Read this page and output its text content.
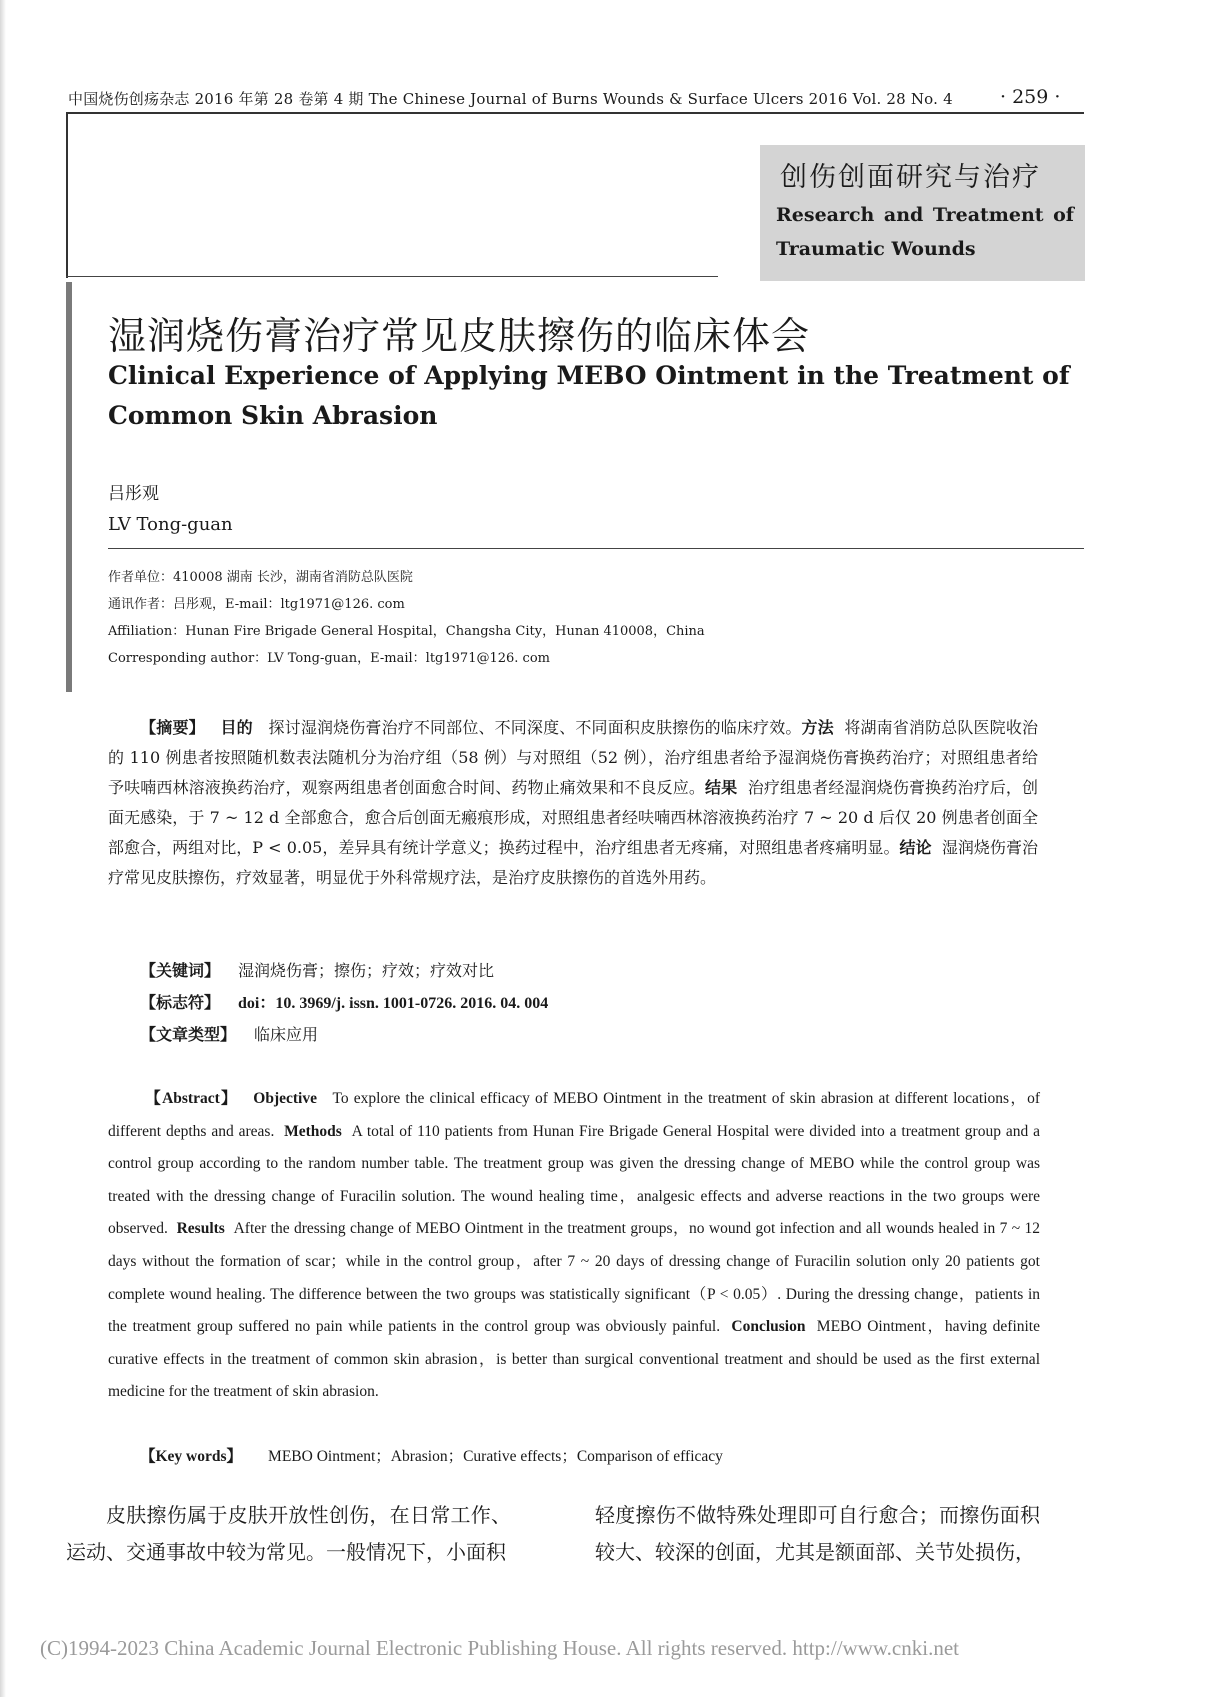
中国烧伤创疡杂志 2016 年第 28 卷第 4 期 The Chinese Journal of Burns Wounds & Surface Ulcers 2016 Vol. 28 No. 4 · 259 ·
创伤创面研究与治疗
Research and Treatment of
Traumatic Wounds
湿润烧伤膏治疗常见皮肤擦伤的临床体会
Clinical Experience of Applying MEBO Ointment in the Treatment of
Common Skin Abrasion
吕彤观
LV Tong-guan
作者单位：410008 湖南 长沙，湖南省消防总队医院
通讯作者：吕彤观，E-mail：ltg1971@126. com
Affiliation：Hunan Fire Brigade General Hospital，Changsha City，Hunan 410008，China
Corresponding author：LV Tong-guan，E-mail：ltg1971@126. com
【摘要】 目的 探讨湿润烧伤膏治疗不同部位、不同深度、不同面积皮肤擦伤的临床疗效。方法 将湖南省消防总队医院收治的 110 例患者按照随机数表法随机分为治疗组（58 例）与对照组（52 例），治疗组患者给予湿润烧伤膏换药治疗；对照组患者给予呋喃西林溶液换药治疗，观察两组患者创面愈合时间、药物止痛效果和不良反应。结果 治疗组患者经湿润烧伤膏换药治疗后，创面无感染，于 7 ~ 12 d 全部愈合，愈合后创面无瘢痕形成，对照组患者经呋喃西林溶液换药治疗 7 ~ 20 d 后仅 20 例患者创面全部愈合，两组对比，P < 0.05，差异具有统计学意义；换药过程中，治疗组患者无疼痛，对照组患者疼痛明显。结论 湿润烧伤膏治疗常见皮肤擦伤，疗效显著，明显优于外科常规疗法，是治疗皮肤擦伤的首选外用药。
【关键词】 湿润烧伤膏；擦伤；疗效；疗效对比
【标志符】 doi：10. 3969/j. issn. 1001-0726. 2016. 04. 004
【文章类型】 临床应用
【Abstract】 Objective To explore the clinical efficacy of MEBO Ointment in the treatment of skin abrasion at different locations，of different depths and areas. Methods A total of 110 patients from Hunan Fire Brigade General Hospital were divided into a treatment group and a control group according to the random number table. The treatment group was given the dressing change of MEBO while the control group was treated with the dressing change of Furacilin solution. The wound healing time，analgesic effects and adverse reactions in the two groups were observed. Results After the dressing change of MEBO Ointment in the treatment groups，no wound got infection and all wounds healed in 7 ~ 12 days without the formation of scar；while in the control group，after 7 ~ 20 days of dressing change of Furacilin solution only 20 patients got complete wound healing. The difference between the two groups was statistically significant（P < 0.05）. During the dressing change，patients in the treatment group suffered no pain while patients in the control group was obviously painful. Conclusion MEBO Ointment，having definite curative effects in the treatment of common skin abrasion，is better than surgical conventional treatment and should be used as the first external medicine for the treatment of skin abrasion.
【Key words】 MEBO Ointment；Abrasion；Curative effects；Comparison of efficacy
皮肤擦伤属于皮肤开放性创伤，在日常工作、运动、交通事故中较为常见。一般情况下，小面积
轻度擦伤不做特殊处理即可自行愈合；而擦伤面积较大、较深的创面，尤其是额面部、关节处损伤，
(C)1994-2023 China Academic Journal Electronic Publishing House. All rights reserved. http://www.cnki.net
